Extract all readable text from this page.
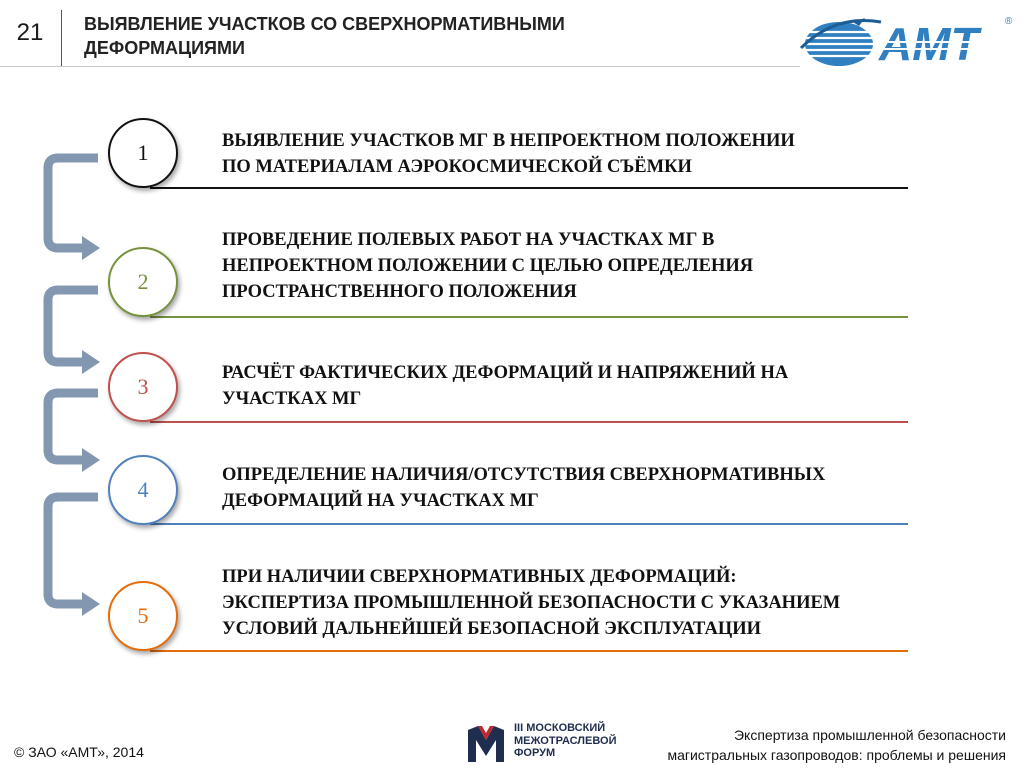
21	ВЫЯВЛЕНИЕ УЧАСТКОВ СО СВЕРХНОРМАТИВНЫМИ
ДЕФОРМАЦИЯМИ	АМТ	®
1	ВЫЯВЛЕНИЕ УЧАСТКОВ МГ В НЕПРОЕКТНОМ ПОЛОЖЕНИИ
ПО МАТЕРИАЛАМ АЭРОКОСМИЧЕСКОЙ СЪЁМКИ
2
ПРОВЕДЕНИЕ ПОЛЕВЫХ РАБОТ НА УЧАСТКАХ МГ В
НЕПРОЕКТНОМ ПОЛОЖЕНИИ С ЦЕЛЬЮ ОПРЕДЕЛЕНИЯ
ПРОСТРАНСТВЕННОГО ПОЛОЖЕНИЯ
3
РАСЧЁТ ФАКТИЧЕСКИХ ДЕФОРМАЦИЙ И НАПРЯЖЕНИЙ НА
УЧАСТКАХ МГ
4
ОПРЕДЕЛЕНИЕ НАЛИЧИЯ/ОТСУТСТВИЯ СВЕРХНОРМАТИВНЫХ
ДЕФОРМАЦИЙ НА УЧАСТКАХ МГ
5
ПРИ НАЛИЧИИ СВЕРХНОРМАТИВНЫХ ДЕФОРМАЦИЙ:
ЭКСПЕРТИЗА ПРОМЫШЛЕННОЙ БЕЗОПАСНОСТИ С УКАЗАНИЕМ
УСЛОВИЙ ДАЛЬНЕЙШЕЙ БЕЗОПАСНОЙ ЭКСПЛУАТАЦИИ
© ЗАО «АМТ», 2014
III МОСКОВСКИЙ
МЕЖОТРАСЛЕВОЙ
ФОРУМ
Экспертиза промышленной безопасности
магистральных газопроводов: проблемы и решения
